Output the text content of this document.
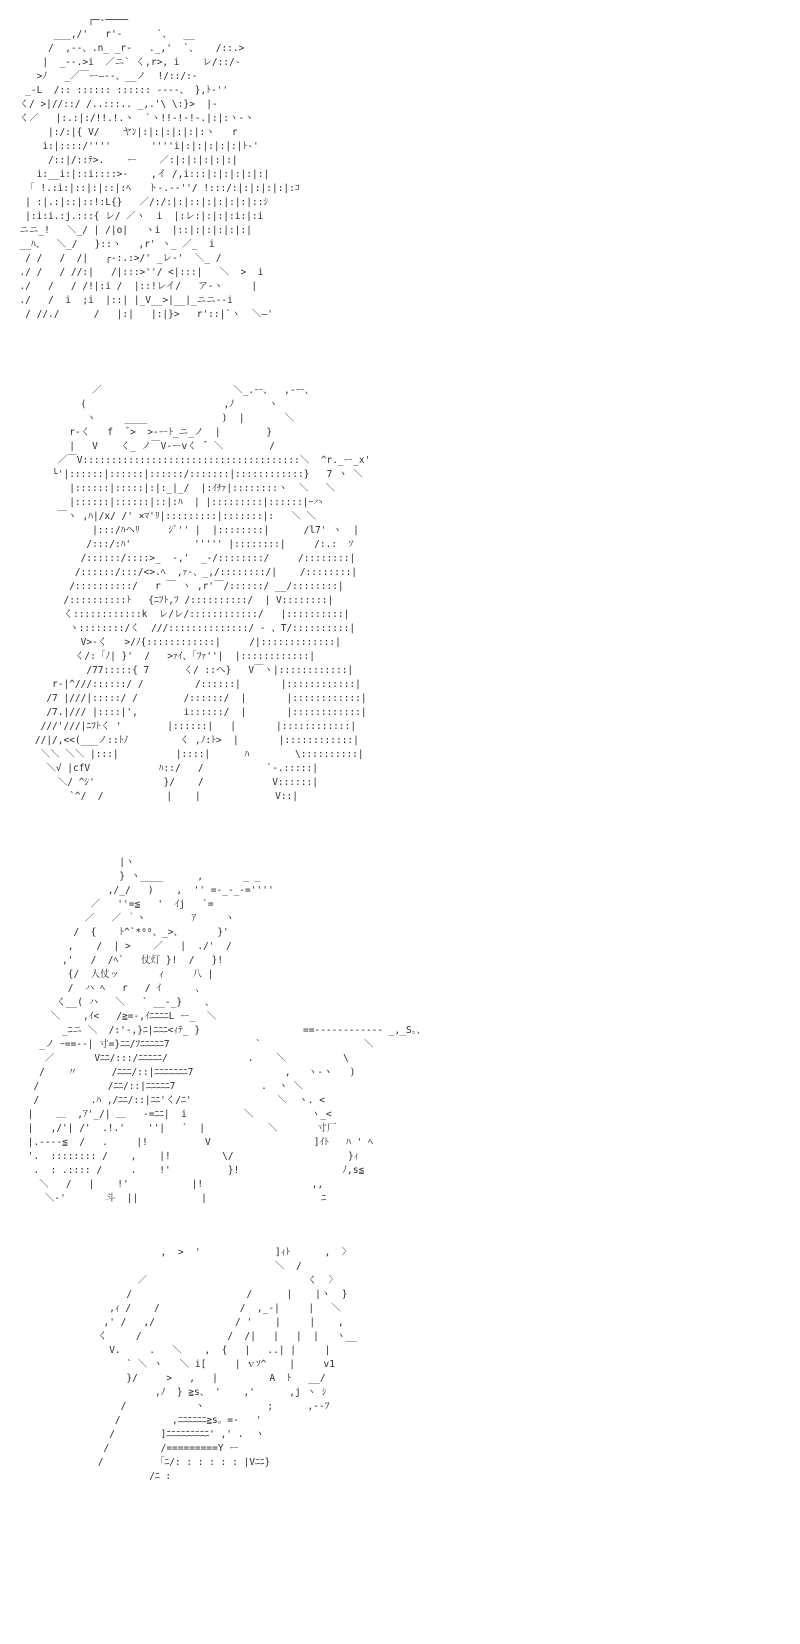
┌─-────
___,/'   r'-      `、  __
/  ,--、.n_ _r-   ._,'  `、   /::.>
|  _--.>i  ／ニ` く,r>, i    レ/::/-
>ﾉ   _／￣ー―--、__ノ  !/::/:-
_-L  /:: :::::: :::::: ----、 },ﾄ-''
く/ >|//::/ /..:::.. _,.'\ \:}>  |-
く／   |:.:|:/!!.!.ヽ  `ヽ!!-!-!-.|:|:ヽ-ヽ
|:/:|{ V/    ヤﾝ|:|:|:|:|:|:ヽ   r
i:|::::/''''       ''''i|:|:|:|:|:|ﾄ-'
/::|/::ﾃ>.    ー    ／:|:|:|:|:|:|
i:__i:|::i::::>-    ,イ /,i:::|:|:|:|:|:|
「 !.:i:|::|:|::|:ﾍ   ト-.--''/ !:::/:|:|:|:|:|:ｺ
| :|.:|::|::!:L{}   ／/:/:|:|::|:|:|:|:|::ｼ
|:i:i.:j.:::{ レ/ ／ヽ  i  |:レ:|:|:|:i:|:i
ニニ_!   ＼_/ | /|o|   ヽi  |::|:|:|:|:|:|
__ﾊ、  ＼_/   }::ヽ   ,r' ヽ_ ／_  i
/ /   /  /|   ┌-:.:>/' _レ-'  ＼_ /
./ /   / //:|   /|:::>''/ <|:::|   ＼  >  i
./   /   / /!|:i /  |::!レイ/   ア-ヽ     |
./   /  i  ;i  |::| |_V__>|__|_ニニ--i
/ //./      /   |:|   |:|}>   r'::|`ヽ  ＼―'

／                       ＼_.ー、  ,-ー、
(                        ,ﾉ      ヽ
ヽ     ____             )  |       ＼
r-く   f  ̄ >  >-ーﾄ_ニ_ノ  |        }
|   V    く_ ノ￣V-ーvく ̄  ＼        /
／￣V::::::::::::::::::::::::::::::::::::::＼  ^r._ー_x'
└'|::::::|::::::|::::::/:::::::|::::::::::::}   7 ヽ ＼
|::::::|:::::|:|:_|_/  |:ｲﾁｧ|::::::::ヽ  ＼   ＼
|::::::|::::::|::|:ﾊ  | |:::::::::|::::::|ｰハ
￣ヽ ,ﾊ|/x/ /' ×ﾏ'ﾘ|:::::::::|:::::::|:   ＼ ＼
|:::/ﾊヘﾘ     ｼﾞ'' |  |::::::::|      /l7' ヽ  |
/:::/:ﾊ'           ''''' |::::::::|     /:.:  ｿ
/::::::/::::>_  -,'  _-/::::::::/     /::::::::|
/::::::/:::/<>.ﾍ  ,ｧ-、_,/::::::::/|    /::::::::|
/::::::::::/   r ￣ ヽ ,r'￣/::::::/ __/::::::::|
/::::::::::ﾄ   {ﾆﾌﾄ,ﾌ /::::::::::/  | V::::::::|
く::::::::::::k  レ/レ/::::::::::::/   |::::::::::|
ヽ::::::::/く  ///::::::::::::::/ - 、T/::::::::::|
V>-く   >/ﾉ{::::::::::::|     /|:::::::::::::|
く/:「ﾉ| }'  /   >ｧｲ、「ﾌｧ''|  |::::::::::::|
/77:::::{ 7      く/ ::へ}   V￣ヽ|::::::::::::|
r-|^///::::::/ /         /::::::|       |::::::::::::|
/7 |///|:::::/ /        /::::::/  |       |::::::::::::|
/7.|/// |::::|',        i::::::/  |       |::::::::::::|
///'///|ﾆﾌﾄく '        |::::::|   |       |::::::::::::|
//|/,<<(___ノ::ﾄﾉ         く ,ﾉ:ﾄ>  |       |::::::::::::|
＼＼ ＼＼ |:::|          |::::|      ﾊ        \::::::::::|
＼√ |cfV            ﾊ::/   /           `-.:::::|
＼/ ^ｼ'            }/    /            V::::::|
`^/  /           |    |             V::|

|ヽ
} ヽ____      ,       _ _
,/_/   )    ,  '' =-_-_-=''''
／   ''=≦   '  ｲj   `=
／   ／ ｀ヽ        ｱ     ヽ
/  {    ﾄ^`*⁰⁰、_>、      }'
,    /  | >    ／   |  ./'  /
,'   /  /ﾍ`   仗灯 }!  /   }!
{/  人仗ッ       ｨ     八 |
/  ハ ﾍ   r   / ｲ      、
く__( ハ   ＼   ` __-_}    、
＼    ,ｲ<   /≧=-,ｲﾆﾆﾆﾆL ー_  ＼
_ﾆニ ＼  /:'-,}ﾆ|ﾆﾆﾆ<ｨﾃ_ }                  ==------------ _,_S。、
_ノ ｰ==--| 寸=}ﾆﾆ/ﾌﾆﾆﾆﾆﾆ7               `                  ＼
／       Vﾆﾆ/:::/ﾆﾆﾆﾆﾆ/              .    ＼          \
/    〃      /ﾆﾆﾆ/::|ﾆﾆﾆﾆﾆﾆﾆ7                ,   ヽ-ヽ   )
/            /ﾆﾆ/::|ﾆﾆﾆﾆﾆ7               .  ヽ ＼
/         .ﾊ ,/ﾆﾆ/::|ﾆﾆ'く/ﾆ'               ＼  ヽ. <
|    ＿  ,ｱ'_/| ＿   -=ﾆﾆ|  i          ＼          ヽ_<
|   ,/'| /'  .!.'    ''|   `  |           ＼       寸厂
|.----≦  /   .     |!          V                  ]ｲﾄ   ﾊ ' ﾍ
'.  :::::::: /    ,    |!         \/                    }ｨ
.  : .:::: /     .    !'          }!                  ﾉ,s≦
＼   /   |    !'           |!                   ,,
＼-'       斗  ||           |                    ﾆ

,  >  '             ]ｨﾄ      ,  〉
＼  /
／                            く  〉
/                    /      |    |ヽ  }
,ｨ /    /              /  ,_-|     |   ＼
,' /   ,/              / '    |     |    ,
く     /               /  /|   |   |  |   ヽ__
V.     .   ＼    ,  {   |   ..| |     |
` ＼ ヽ   ＼ i[     | ｖｿ^    |     v1
}/     >   ,   |         A  ﾄ   __/
,ﾉ  } ≧s、 '    ,'      ,j ヽ ｼ
/            ヽ           ;      ,--ﾌ
/         ,ﾆﾆﾆﾆﾆﾆ≧s。=-   '
/        ]ﾆﾆﾆﾆﾆﾆﾆﾆﾆ' ,' .  ヽ
/         /=========Y ー
/         「ﾆ/: : : : : : |Vﾆﾆ}
/ﾆ :
